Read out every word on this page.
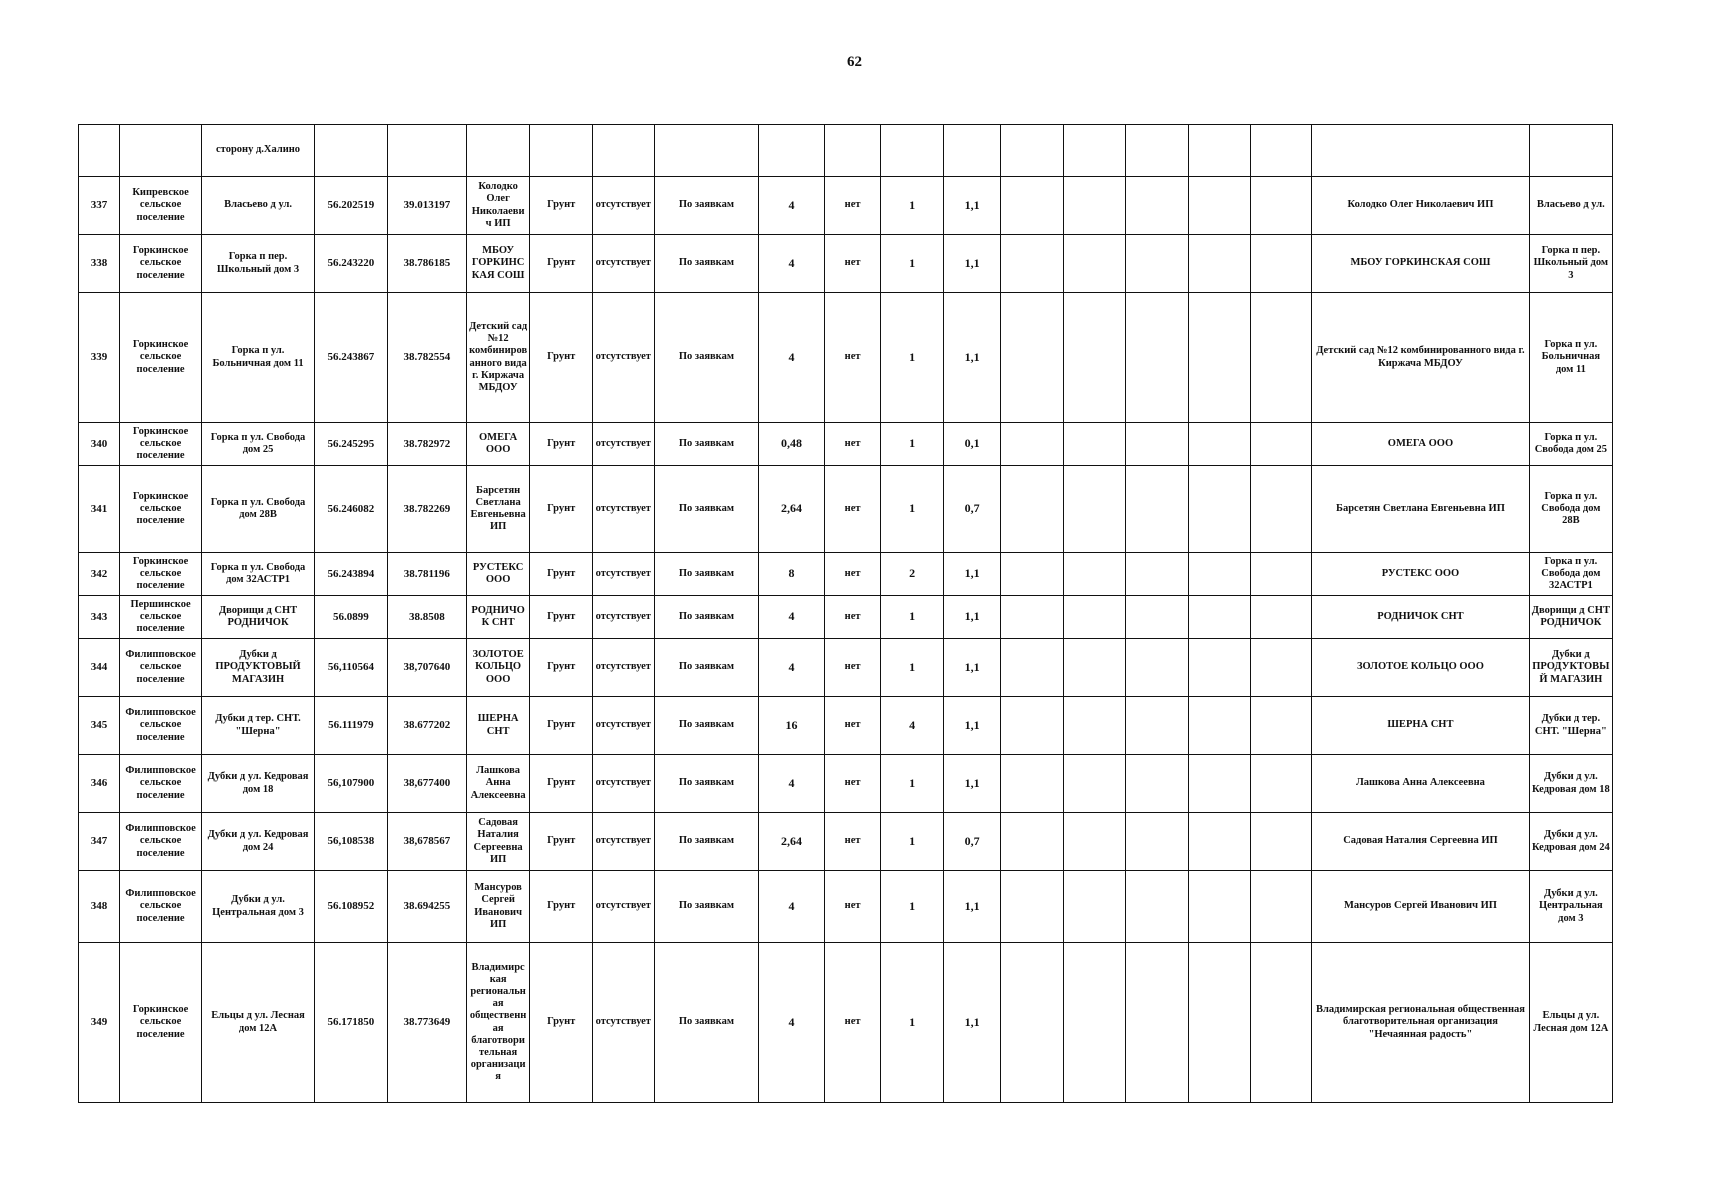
62
		сторону д.Халино																	
337	Кипревское сельское поселение	Власьево д ул.	56.202519	39.013197	Колодко Олег Николаевич ИП	Грунт	отсутствует	По заявкам	4	нет	1	1,1						Колодко Олег Николаевич ИП	Власьево д ул.
338	Горкинское сельское поселение	Горка п пер. Школьный дом 3	56.243220	38.786185	МБОУ ГОРКИНСКАЯ СОШ	Грунт	отсутствует	По заявкам	4	нет	1	1,1						МБОУ ГОРКИНСКАЯ СОШ	Горка п пер. Школьный дом 3
339	Горкинское сельское поселение	Горка п ул. Больничная дом 11	56.243867	38.782554	Детский сад №12 комбинированного вида г. Киржача МБДОУ	Грунт	отсутствует	По заявкам	4	нет	1	1,1						Детский сад №12 комбинированного вида г. Киржача МБДОУ	Горка п ул. Больничная дом 11
340	Горкинское сельское поселение	Горка п ул. Свобода дом 25	56.245295	38.782972	ОМЕГА ООО	Грунт	отсутствует	По заявкам	0,48	нет	1	0,1						ОМЕГА ООО	Горка п ул. Свобода дом 25
341	Горкинское сельское поселение	Горка п ул. Свобода дом 28В	56.246082	38.782269	Барсетян Светлана Евгеньевна ИП	Грунт	отсутствует	По заявкам	2,64	нет	1	0,7						Барсетян Светлана Евгеньевна ИП	Горка п ул. Свобода дом 28В
342	Горкинское сельское поселение	Горка п ул. Свобода дом 32АСТР1	56.243894	38.781196	РУСТЕКС ООО	Грунт	отсутствует	По заявкам	8	нет	2	1,1						РУСТЕКС ООО	Горка п ул. Свобода дом 32АСТР1
343	Першинское сельское поселение	Дворищи д СНТ РОДНИЧОК	56.0899	38.8508	РОДНИЧОК СНТ	Грунт	отсутствует	По заявкам	4	нет	1	1,1						РОДНИЧОК СНТ	Дворищи д СНТ РОДНИЧОК
344	Филипповское сельское поселение	Дубки д ПРОДУКТОВЫЙ МАГАЗИН	56,110564	38,707640	ЗОЛОТОЕ КОЛЬЦО ООО	Грунт	отсутствует	По заявкам	4	нет	1	1,1						ЗОЛОТОЕ КОЛЬЦО ООО	Дубки д ПРОДУКТОВЫЙ МАГАЗИН
345	Филипповское сельское поселение	Дубки д тер. СНТ. "Шерна"	56.111979	38.677202	ШЕРНА СНТ	Грунт	отсутствует	По заявкам	16	нет	4	1,1						ШЕРНА СНТ	Дубки д тер. СНТ. "Шерна"
346	Филипповское сельское поселение	Дубки д ул. Кедровая дом 18	56,107900	38,677400	Лашкова Анна Алексеевна	Грунт	отсутствует	По заявкам	4	нет	1	1,1						Лашкова Анна Алексеевна	Дубки д ул. Кедровая дом 18
347	Филипповское сельское поселение	Дубки д ул. Кедровая дом 24	56,108538	38,678567	Садовая Наталия Сергеевна ИП	Грунт	отсутствует	По заявкам	2,64	нет	1	0,7						Садовая Наталия Сергеевна ИП	Дубки д ул. Кедровая дом 24
348	Филипповское сельское поселение	Дубки д ул. Центральная дом 3	56.108952	38.694255	Мансуров Сергей Иванович ИП	Грунт	отсутствует	По заявкам	4	нет	1	1,1						Мансуров Сергей Иванович ИП	Дубки д ул. Центральная дом 3
349	Горкинское сельское поселение	Ельцы д ул. Лесная дом 12А	56.171850	38.773649	Владимирская региональная общественная благотворительная организация	Грунт	отсутствует	По заявкам	4	нет	1	1,1						Владимирская региональная общественная благотворительная организация "Нечаянная радость"	Ельцы д ул. Лесная дом 12А
